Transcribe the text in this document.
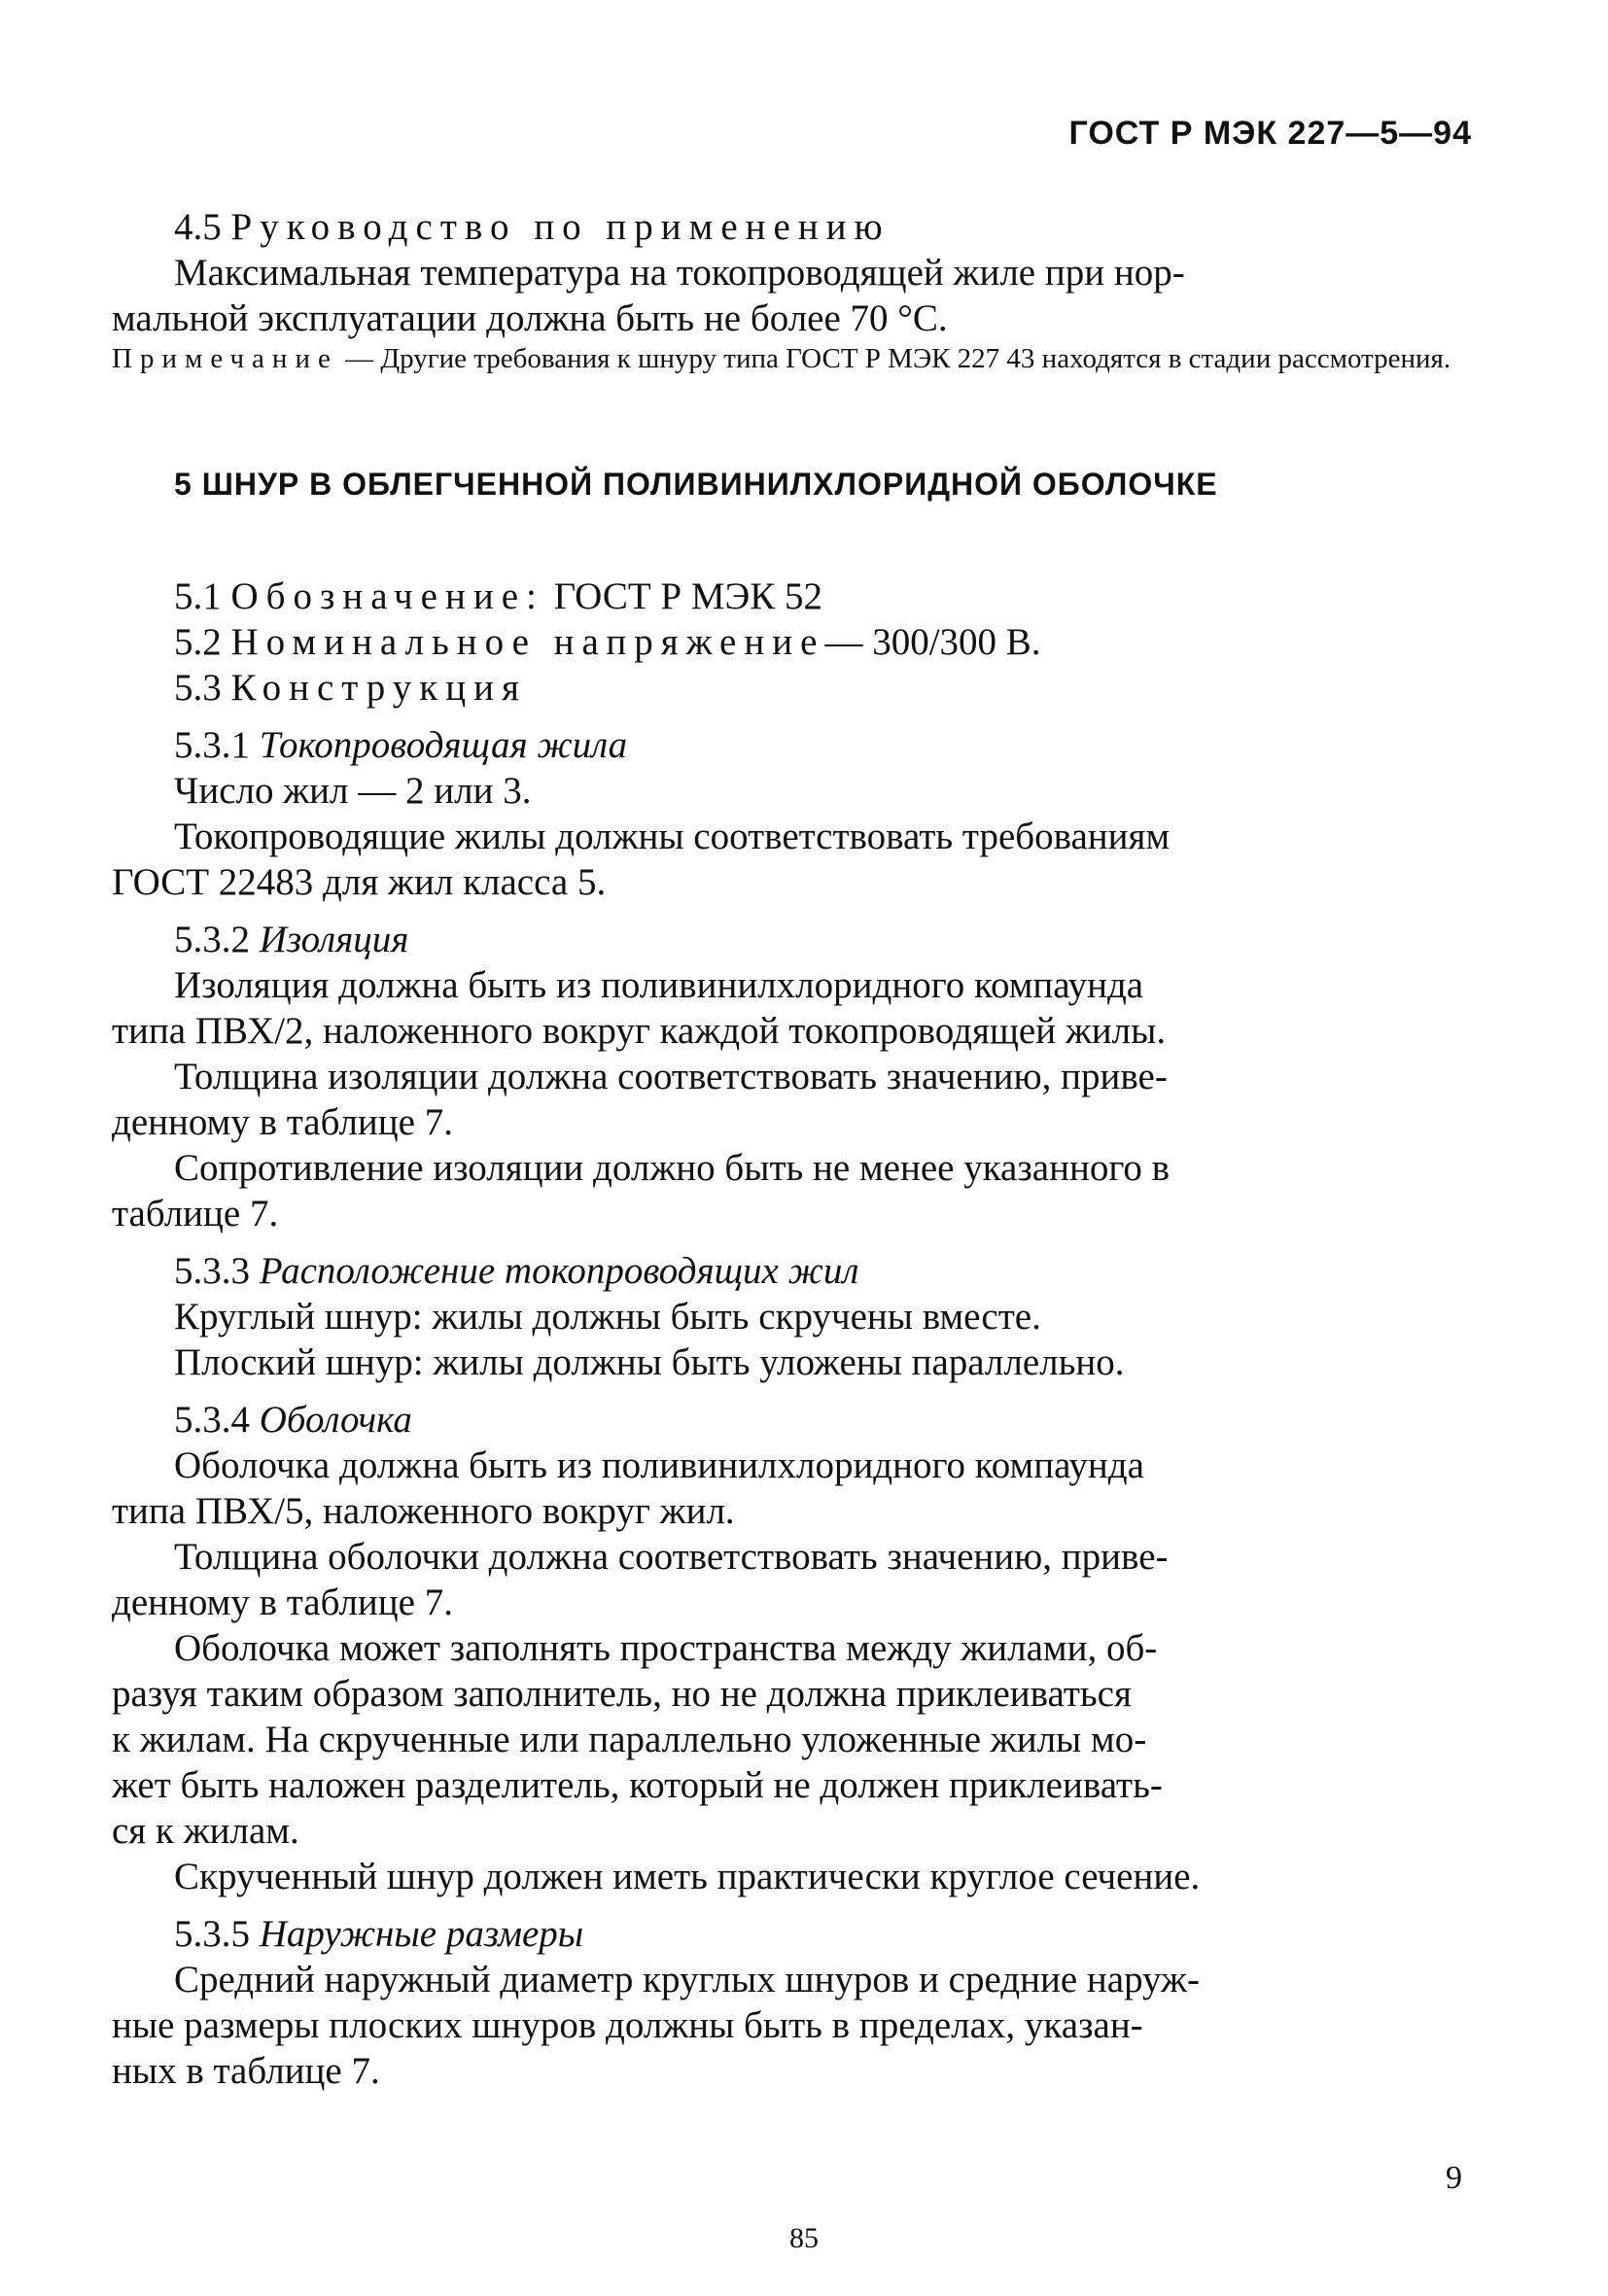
ГОСТ Р МЭК 227—5—94

4.5 Руководство по применению

Максимальная температура на токопроводящей жиле при нор-

мальной эксплуатации должна быть не более 70 °С.

Примечание — Другие требования к шнуру типа ГОСТ Р МЭК 227 43 находятся в стадии рассмотрения.

5 ШНУР В ОБЛЕГЧЕННОЙ ПОЛИВИНИЛХЛОРИДНОЙ ОБОЛОЧКЕ

5.1 Обозначение: ГОСТ Р МЭК 52

5.2 Номинальное напряжение— 300/300 В.

5.3 Конструкция

5.3.1 Токопроводящая жила

Число жил — 2 или 3.

Токопроводящие жилы должны соответствовать требованиям

ГОСТ 22483 для жил класса 5.

5.3.2 Изоляция

Изоляция должна быть из поливинилхлоридного компаунда

типа ПВХ/2, наложенного вокруг каждой токопроводящей жилы.

Толщина изоляции должна соответствовать значению, приве-

денному в таблице 7.

Сопротивление изоляции должно быть не менее указанного в

таблице 7.

5.3.3 Расположение токопроводящих жил

Круглый шнур: жилы должны быть скручены вместе.

Плоский шнур: жилы должны быть уложены параллельно.

5.3.4 Оболочка

Оболочка должна быть из поливинилхлоридного компаунда

типа ПВХ/5, наложенного вокруг жил.

Толщина оболочки должна соответствовать значению, приве-

денному в таблице 7.

Оболочка может заполнять пространства между жилами, об-

разуя таким образом заполнитель, но не должна приклеиваться

к жилам. На скрученные или параллельно уложенные жилы мо-

жет быть наложен разделитель, который не должен приклеивать-

ся к жилам.

Скрученный шнур должен иметь практически круглое сечение.

5.3.5 Наружные размеры

Средний наружный диаметр круглых шнуров и средние наруж-

ные размеры плоских шнуров должны быть в пределах, указан-

ных в таблице 7.

9
85
